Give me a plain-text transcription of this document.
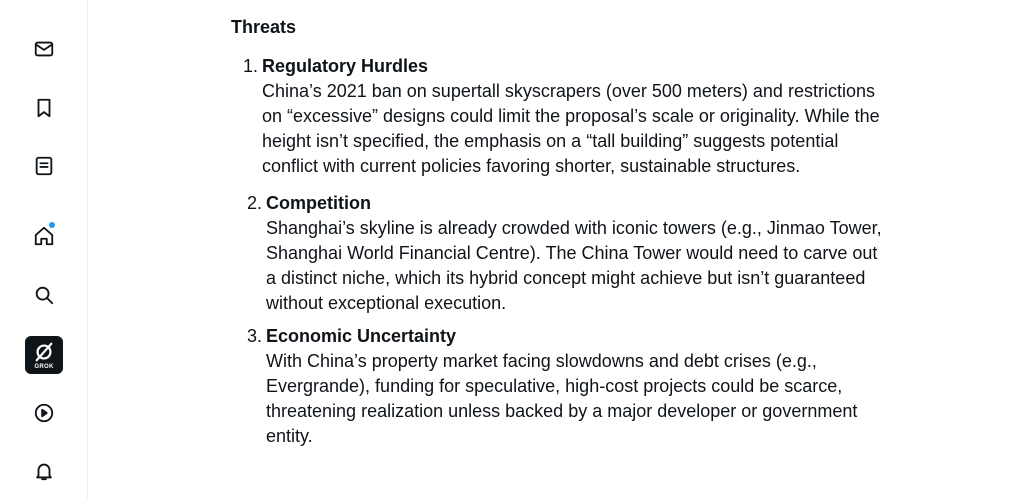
GROK
Threats
1. Regulatory Hurdles
China’s 2021 ban on supertall skyscrapers (over 500 meters) and restrictions on “excessive” designs could limit the proposal’s scale or originality. While the height isn’t specified, the emphasis on a “tall building” suggests potential conflict with current policies favoring shorter, sustainable structures.
2. Competition
Shanghai’s skyline is already crowded with iconic towers (e.g., Jinmao Tower, Shanghai World Financial Centre). The China Tower would need to carve out a distinct niche, which its hybrid concept might achieve but isn’t guaranteed without exceptional execution.
3. Economic Uncertainty
With China’s property market facing slowdowns and debt crises (e.g., Evergrande), funding for speculative, high-cost projects could be scarce, threatening realization unless backed by a major developer or government entity.
